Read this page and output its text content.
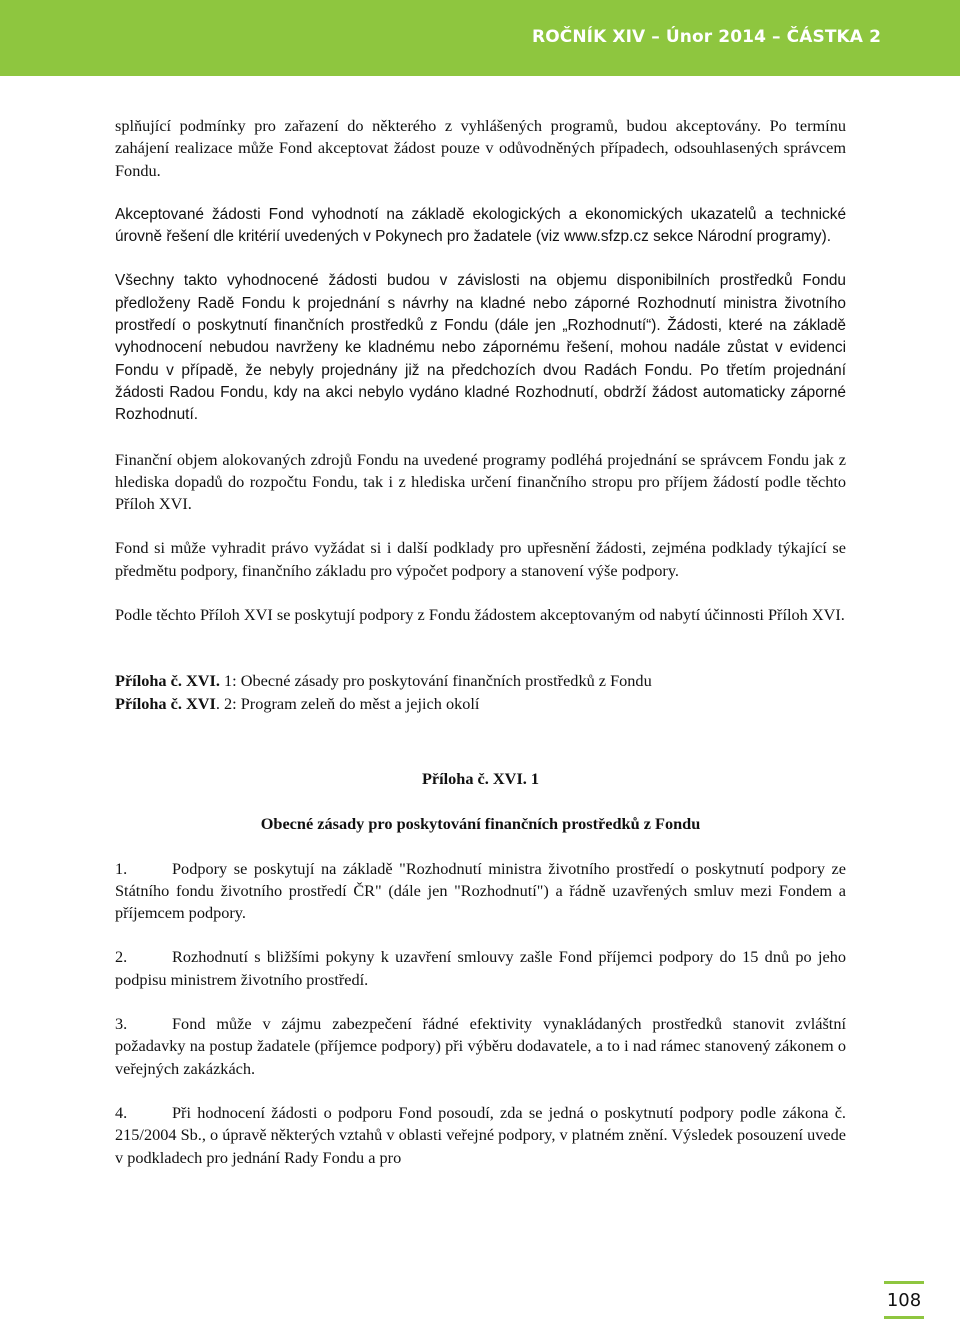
ROČNÍK XIV – Únor 2014 – ČÁSTKA 2

splňující podmínky pro zařazení do některého z vyhlášených programů, budou akceptovány. Po termínu zahájení realizace může Fond akceptovat žádost pouze v odůvodněných případech, odsouhlasených správcem Fondu.

Akceptované žádosti Fond vyhodnotí na základě ekologických a ekonomických ukazatelů a technické úrovně řešení dle kritérií uvedených v Pokynech pro žadatele (viz www.sfzp.cz sekce Národní programy).

Všechny takto vyhodnocené žádosti budou v závislosti na objemu disponibilních prostředků Fondu předloženy Radě Fondu k projednání s návrhy na kladné nebo záporné Rozhodnutí ministra životního prostředí o poskytnutí finančních prostředků z Fondu (dále jen „Rozhodnutí“). Žádosti, které na základě vyhodnocení nebudou navrženy ke kladnému nebo zápornému řešení, mohou nadále zůstat v evidenci Fondu v případě, že nebyly projednány již na předchozích dvou Radách Fondu. Po třetím projednání žádosti Radou Fondu, kdy na akci nebylo vydáno kladné Rozhodnutí, obdrží žádost automaticky záporné Rozhodnutí.

Finanční objem alokovaných zdrojů Fondu na uvedené programy podléhá projednání se správcem Fondu jak z hlediska dopadů do rozpočtu Fondu, tak i z hlediska určení finančního stropu pro příjem žádostí podle těchto Příloh XVI.

Fond si může vyhradit právo vyžádat si i další podklady pro upřesnění žádosti, zejména podklady týkající se předmětu podpory, finančního základu pro výpočet podpory a stanovení výše podpory.

Podle těchto Příloh XVI se poskytují podpory z Fondu žádostem akceptovaným od nabytí účinnosti Příloh XVI.

Příloha č. XVI. 1: Obecné zásady pro poskytování finančních prostředků z Fondu

Příloha č. XVI. 2: Program zeleň do měst a jejich okolí

Příloha č. XVI. 1

Obecné zásady pro poskytování finančních prostředků z Fondu

1.	Podpory se poskytují na základě "Rozhodnutí ministra životního prostředí o poskytnutí podpory ze Státního fondu životního prostředí ČR" (dále jen "Rozhodnutí") a řádně uzavřených smluv mezi Fondem a příjemcem podpory.

2.	Rozhodnutí s bližšími pokyny k uzavření smlouvy zašle Fond příjemci podpory do 15 dnů po jeho podpisu ministrem životního prostředí.

3.	Fond může v zájmu zabezpečení řádné efektivity vynakládaných prostředků stanovit zvláštní požadavky na postup žadatele (příjemce podpory) při výběru dodavatele, a to i nad rámec stanovený zákonem o veřejných zakázkách.

4.	Při hodnocení žádosti o podporu Fond posoudí, zda se jedná o poskytnutí podpory podle zákona č. 215/2004 Sb., o úpravě některých vztahů v oblasti veřejné podpory, v platném znění. Výsledek posouzení uvede v podkladech pro jednání Rady Fondu a pro

108
